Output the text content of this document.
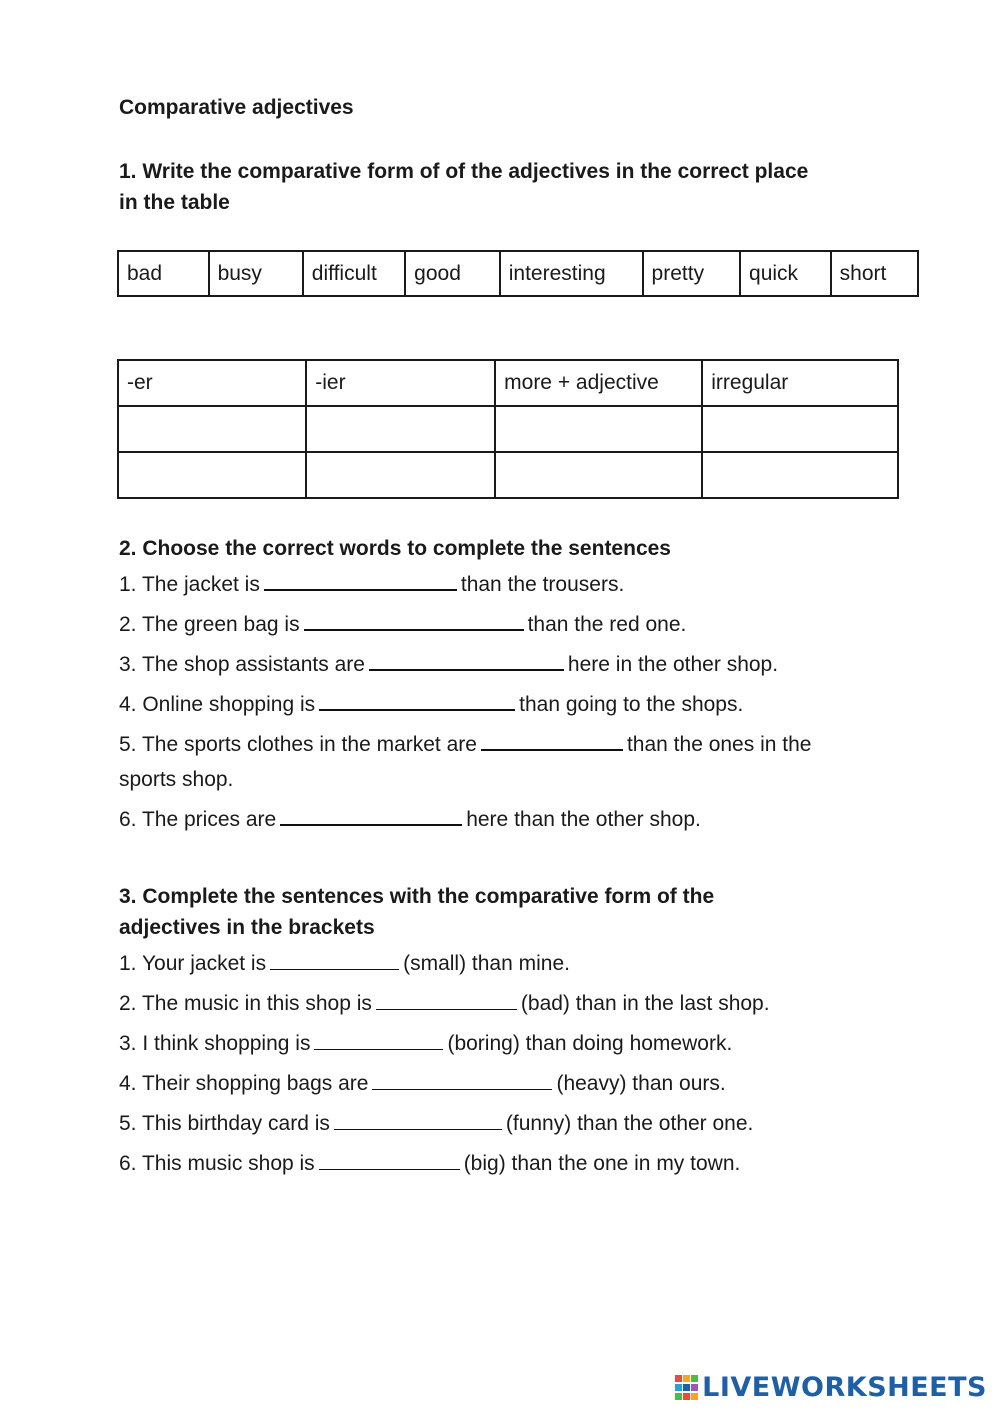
Comparative adjectives
1. Write the comparative form of of the adjectives in the correct place
in the table
bad	busy	difficult	good	interesting	pretty	quick	short
-er	-ier	more + adjective	irregular

2. Choose the correct words to complete the sentences
1. The jacket is	than the trousers.
2. The green bag is	than the red one.
3. The shop assistants are	here in the other shop.
4. Online shopping is	than going to the shops.
5. The sports clothes in the market are	than the ones in the
sports shop.
6. The prices are	here than the other shop.
3. Complete the sentences with the comparative form of the
adjectives in the brackets
1. Your jacket is	(small) than mine.
2. The music in this shop is	(bad) than in the last shop.
3. I think shopping is	(boring) than doing homework.
4. Their shopping bags are	(heavy) than ours.
5. This birthday card is	(funny) than the other one.
6. This music shop is	(big) than the one in my town.
LIVEWORKSHEETS
